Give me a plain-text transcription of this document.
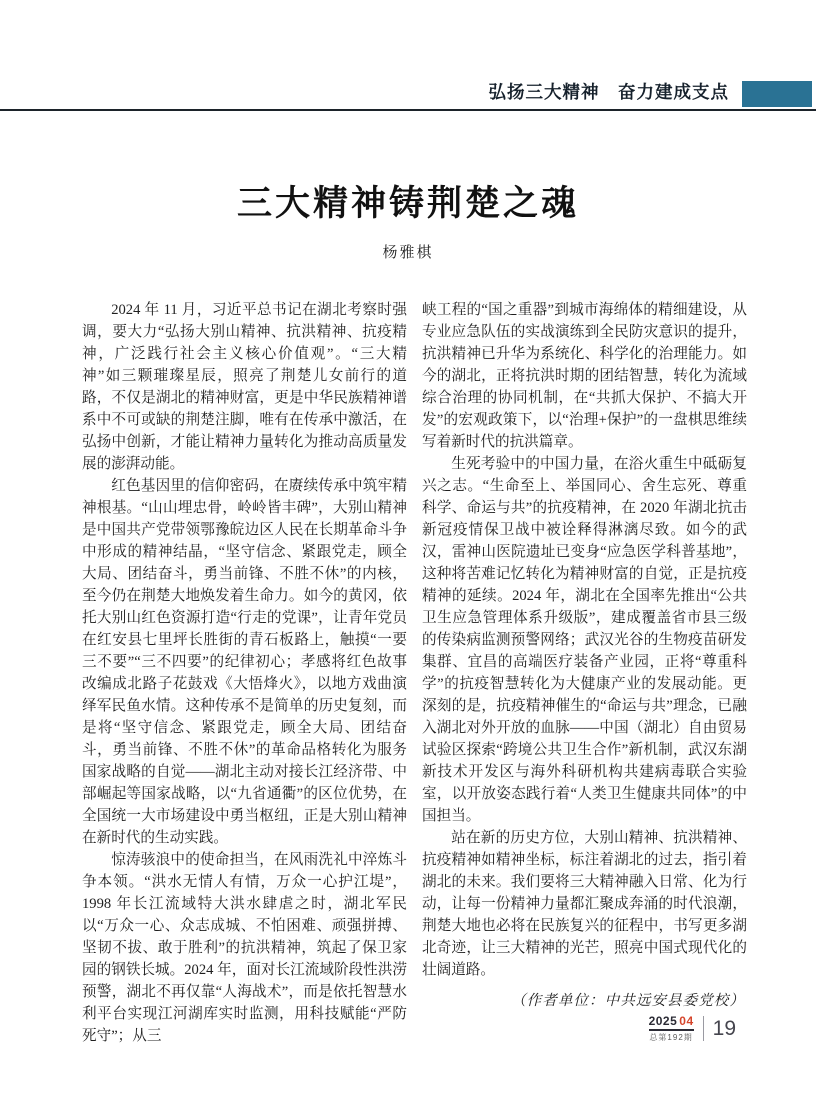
弘扬三大精神　奋力建成支点
三大精神铸荆楚之魂
杨雅棋

2024 年 11 月，习近平总书记在湖北考察时强调，要大力“弘扬大别山精神、抗洪精神、抗疫精神，广泛践行社会主义核心价值观”。“三大精神”如三颗璀璨星辰，照亮了荆楚儿女前行的道路，不仅是湖北的精神财富，更是中华民族精神谱系中不可或缺的荆楚注脚，唯有在传承中激活，在弘扬中创新，才能让精神力量转化为推动高质量发展的澎湃动能。

红色基因里的信仰密码，在赓续传承中筑牢精神根基。“山山埋忠骨，岭岭皆丰碑”，大别山精神是中国共产党带领鄂豫皖边区人民在长期革命斗争中形成的精神结晶，“坚守信念、紧跟党走，顾全大局、团结奋斗，勇当前锋、不胜不休”的内核，至今仍在荆楚大地焕发着生命力。如今的黄冈，依托大别山红色资源打造“行走的党课”，让青年党员在红安县七里坪长胜街的青石板路上，触摸“一要三不要”“三不四要”的纪律初心；孝感将红色故事改编成北路子花鼓戏《大悟烽火》，以地方戏曲演绎军民鱼水情。这种传承不是简单的历史复刻，而是将“坚守信念、紧跟党走，顾全大局、团结奋斗，勇当前锋、不胜不休”的革命品格转化为服务国家战略的自觉——湖北主动对接长江经济带、中部崛起等国家战略，以“九省通衢”的区位优势，在全国统一大市场建设中勇当枢纽，正是大别山精神在新时代的生动实践。

惊涛骇浪中的使命担当，在风雨洗礼中淬炼斗争本领。“洪水无情人有情，万众一心护江堤”，1998 年长江流域特大洪水肆虐之时，湖北军民以“万众一心、众志成城、不怕困难、顽强拼搏、坚韧不拔、敢于胜利”的抗洪精神，筑起了保卫家园的钢铁长城。2024 年，面对长江流域阶段性洪涝预警，湖北不再仅靠“人海战术”，而是依托智慧水利平台实现江河湖库实时监测，用科技赋能“严防死守”；从三

峡工程的“国之重器”到城市海绵体的精细建设，从专业应急队伍的实战演练到全民防灾意识的提升，抗洪精神已升华为系统化、科学化的治理能力。如今的湖北，正将抗洪时期的团结智慧，转化为流域综合治理的协同机制，在“共抓大保护、不搞大开发”的宏观政策下，以“治理+保护”的一盘棋思维续写着新时代的抗洪篇章。

生死考验中的中国力量，在浴火重生中砥砺复兴之志。“生命至上、举国同心、舍生忘死、尊重科学、命运与共”的抗疫精神，在 2020 年湖北抗击新冠疫情保卫战中被诠释得淋漓尽致。如今的武汉，雷神山医院遗址已变身“应急医学科普基地”，这种将苦难记忆转化为精神财富的自觉，正是抗疫精神的延续。2024 年，湖北在全国率先推出“公共卫生应急管理体系升级版”，建成覆盖省市县三级的传染病监测预警网络；武汉光谷的生物疫苗研发集群、宜昌的高端医疗装备产业园，正将“尊重科学”的抗疫智慧转化为大健康产业的发展动能。更深刻的是，抗疫精神催生的“命运与共”理念，已融入湖北对外开放的血脉——中国（湖北）自由贸易试验区探索“跨境公共卫生合作”新机制，武汉东湖新技术开发区与海外科研机构共建病毒联合实验室，以开放姿态践行着“人类卫生健康共同体”的中国担当。

站在新的历史方位，大别山精神、抗洪精神、抗疫精神如精神坐标，标注着湖北的过去，指引着湖北的未来。我们要将三大精神融入日常、化为行动，让每一份精神力量都汇聚成奔涌的时代浪潮，荆楚大地也必将在民族复兴的征程中，书写更多湖北奇迹，让三大精神的光芒，照亮中国式现代化的壮阔道路。

（作者单位：中共远安县委党校）
2025 04
总第192期 19
